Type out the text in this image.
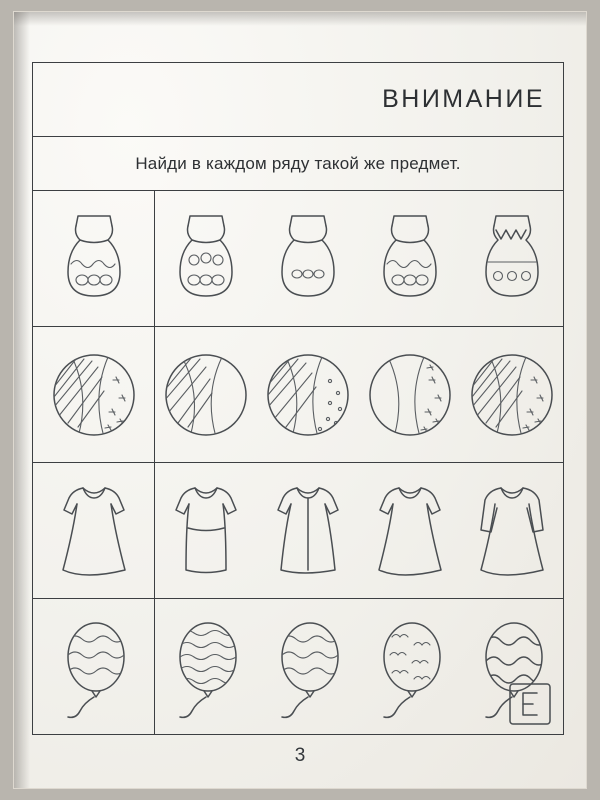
ВНИМАНИЕ
Найди в каждом ряду такой же предмет.
3
